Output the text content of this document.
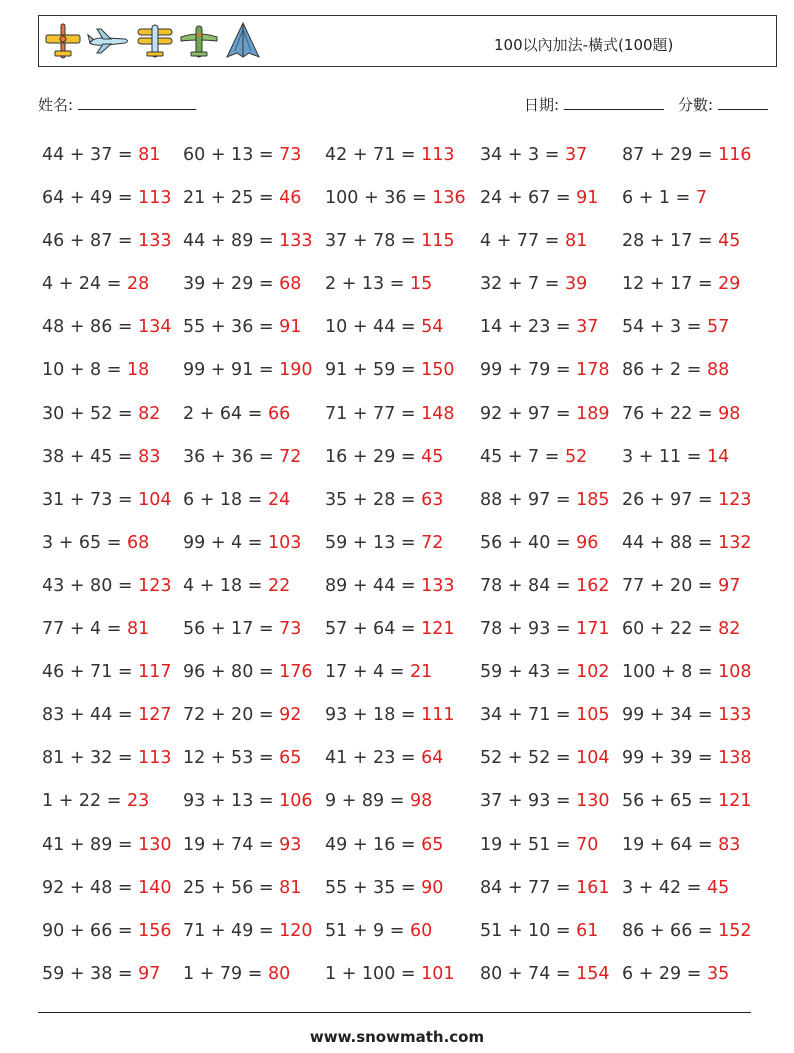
100以內加法-橫式(100題)
姓名:	日期:	分數:
44 + 37 = 81	60 + 13 = 73	42 + 71 = 113	34 + 3 = 37	87 + 29 = 116
64 + 49 = 113 21 + 25 = 46	100 + 36 = 136 24 + 67 = 91	6 + 1 = 7
46 + 87 = 133 44 + 89 = 133 37 + 78 = 115	4 + 77 = 81	28 + 17 = 45
4 + 24 = 28	39 + 29 = 68	2 + 13 = 15	32 + 7 = 39	12 + 17 = 29
48 + 86 = 134 55 + 36 = 91	10 + 44 = 54	14 + 23 = 37	54 + 3 = 57
10 + 8 = 18	99 + 91 = 190 91 + 59 = 150	99 + 79 = 178 86 + 2 = 88
30 + 52 = 82	2 + 64 = 66	71 + 77 = 148	92 + 97 = 189 76 + 22 = 98
38 + 45 = 83	36 + 36 = 72	16 + 29 = 45	45 + 7 = 52	3 + 11 = 14
31 + 73 = 104 6 + 18 = 24	35 + 28 = 63	88 + 97 = 185 26 + 97 = 123
3 + 65 = 68	99 + 4 = 103	59 + 13 = 72	56 + 40 = 96	44 + 88 = 132
43 + 80 = 123 4 + 18 = 22	89 + 44 = 133	78 + 84 = 162 77 + 20 = 97
77 + 4 = 81	56 + 17 = 73	57 + 64 = 121	78 + 93 = 171 60 + 22 = 82
46 + 71 = 117 96 + 80 = 176 17 + 4 = 21	59 + 43 = 102 100 + 8 = 108
83 + 44 = 127 72 + 20 = 92	93 + 18 = 111	34 + 71 = 105 99 + 34 = 133
81 + 32 = 113 12 + 53 = 65	41 + 23 = 64	52 + 52 = 104 99 + 39 = 138
1 + 22 = 23	93 + 13 = 106 9 + 89 = 98	37 + 93 = 130 56 + 65 = 121
41 + 89 = 130 19 + 74 = 93	49 + 16 = 65	19 + 51 = 70	19 + 64 = 83
92 + 48 = 140 25 + 56 = 81	55 + 35 = 90	84 + 77 = 161 3 + 42 = 45
90 + 66 = 156 71 + 49 = 120 51 + 9 = 60	51 + 10 = 61	86 + 66 = 152
59 + 38 = 97	1 + 79 = 80	1 + 100 = 101	80 + 74 = 154 6 + 29 = 35
www.snowmath.com
